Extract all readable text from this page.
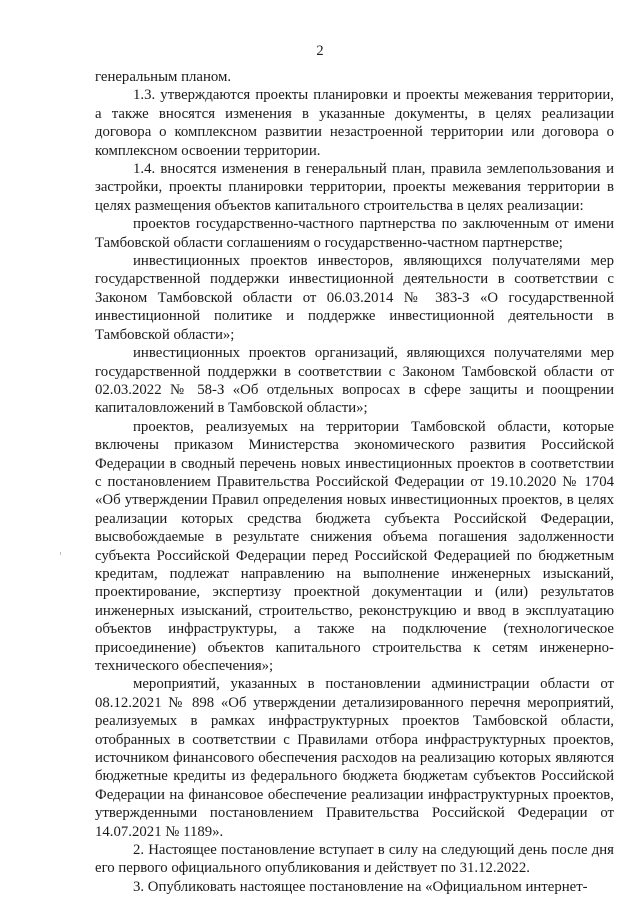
2

генеральным планом.

1.3. утверждаются проекты планировки и проекты межевания территории, а также вносятся изменения в указанные документы, в целях реализации договора о комплексном развитии незастроенной территории или договора о комплексном освоении территории.

1.4. вносятся изменения в генеральный план, правила землепользования и застройки, проекты планировки территории, проекты межевания территории в целях размещения объектов капитального строительства в целях реализации:

проектов государственно-частного партнерства по заключенным от имени Тамбовской области соглашениям о государственно-частном партнерстве;

инвестиционных проектов инвесторов, являющихся получателями мер государственной поддержки инвестиционной деятельности в соответствии с Законом Тамбовской области от 06.03.2014 № 383-З «О государственной инвестиционной политике и поддержке инвестиционной деятельности в Тамбовской области»;

инвестиционных проектов организаций, являющихся получателями мер государственной поддержки в соответствии с Законом Тамбовской области от 02.03.2022 № 58-З «Об отдельных вопросах в сфере защиты и поощрении капиталовложений в Тамбовской области»;

проектов, реализуемых на территории Тамбовской области, которые включены приказом Министерства экономического развития Российской Федерации в сводный перечень новых инвестиционных проектов в соответствии с постановлением Правительства Российской Федерации от 19.10.2020 № 1704 «Об утверждении Правил определения новых инвестиционных проектов, в целях реализации которых средства бюджета субъекта Российской Федерации, высвобождаемые в результате снижения объема погашения задолженности субъекта Российской Федерации перед Российской Федерацией по бюджетным кредитам, подлежат направлению на выполнение инженерных изысканий, проектирование, экспертизу проектной документации и (или) результатов инженерных изысканий, строительство, реконструкцию и ввод в эксплуатацию объектов инфраструктуры, а также на подключение (технологическое присоединение) объектов капитального строительства к сетям инженерно-технического обеспечения»;

мероприятий, указанных в постановлении администрации области от 08.12.2021 № 898 «Об утверждении детализированного перечня мероприятий, реализуемых в рамках инфраструктурных проектов Тамбовской области, отобранных в соответствии с Правилами отбора инфраструктурных проектов, источником финансового обеспечения расходов на реализацию которых являются бюджетные кредиты из федерального бюджета бюджетам субъектов Российской Федерации на финансовое обеспечение реализации инфраструктурных проектов, утвержденными постановлением Правительства Российской Федерации от 14.07.2021 № 1189».

2. Настоящее постановление вступает в силу на следующий день после дня его первого официального опубликования и действует по 31.12.2022.

3. Опубликовать настоящее постановление на «Официальном интернет-
